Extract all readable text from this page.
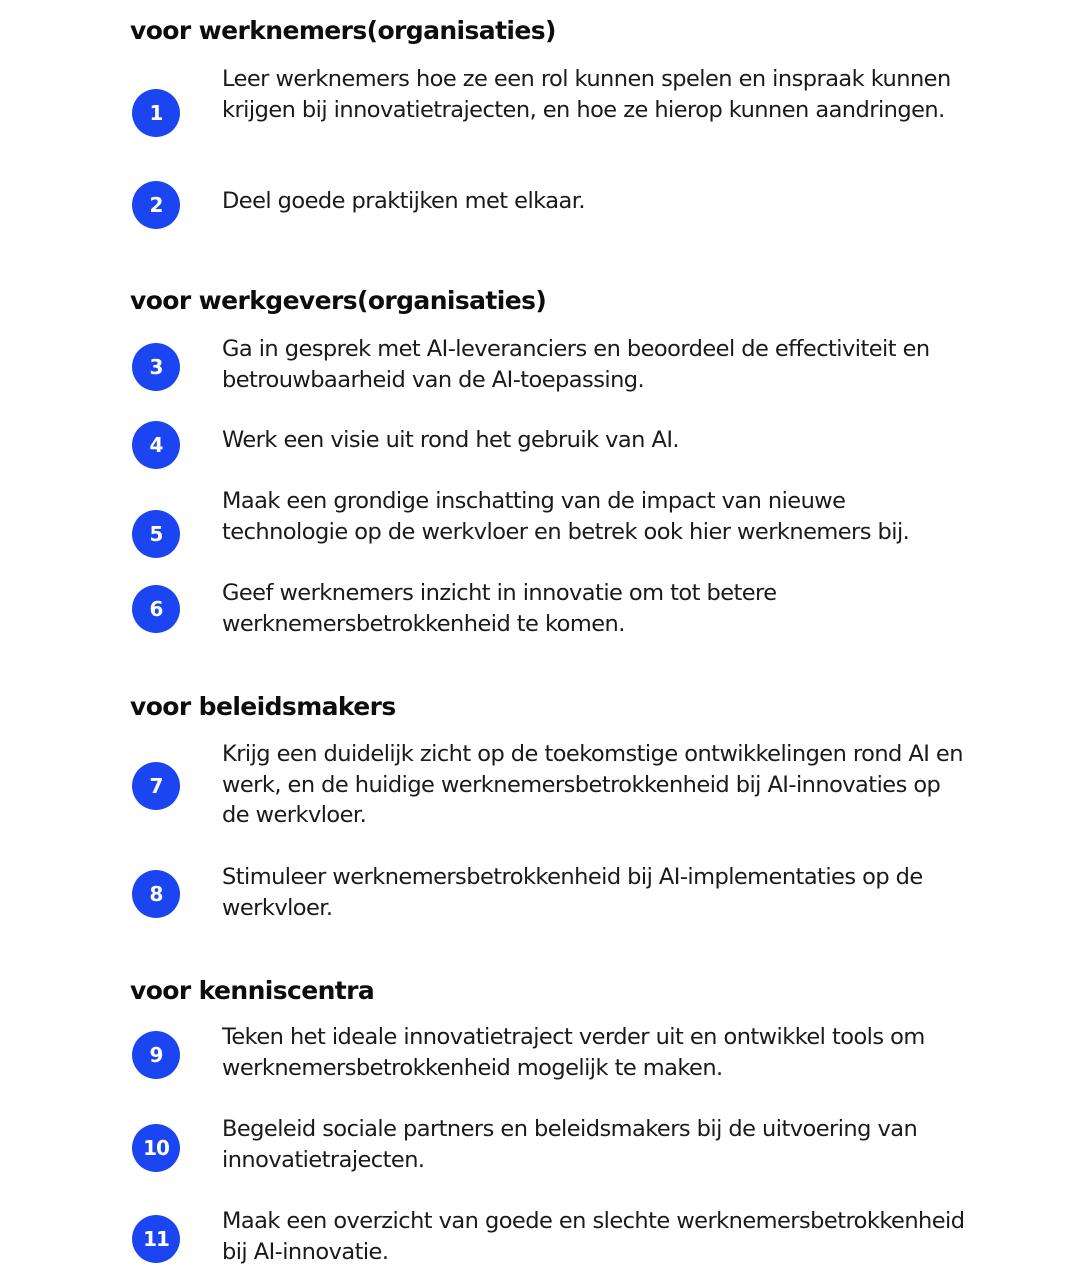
voor werknemers(organisaties)
1

Leer werknemers hoe ze een rol kunnen spelen en inspraak kunnen krijgen bij innovatietrajecten, en hoe ze hierop kunnen aandringen.

2	Deel goede praktijken met elkaar.

voor werkgevers(organisaties)
3

Ga in gesprek met AI-leveranciers en beoordeel de effectiviteit en betrouwbaarheid van de AI-toepassing.

4	Werk een visie uit rond het gebruik van AI.

5

Maak een grondige inschatting van de impact van nieuwe technologie op de werkvloer en betrek ook hier werknemers bij.

6

Geef werknemers inzicht in innovatie om tot betere werknemersbetrokkenheid te komen.

voor beleidsmakers
7

Krijg een duidelijk zicht op de toekomstige ontwikkelingen rond AI en werk, en de huidige werknemersbetrokkenheid bij AI-innovaties op de werkvloer.

8

Stimuleer werknemersbetrokkenheid bij AI-implementaties op de werkvloer.

voor kenniscentra
9

Teken het ideale innovatietraject verder uit en ontwikkel tools om werknemersbetrokkenheid mogelijk te maken.

10

Begeleid sociale partners en beleidsmakers bij de uitvoering van innovatietrajecten.

11

Maak een overzicht van goede en slechte werknemersbetrokkenheid bij AI-innovatie.
